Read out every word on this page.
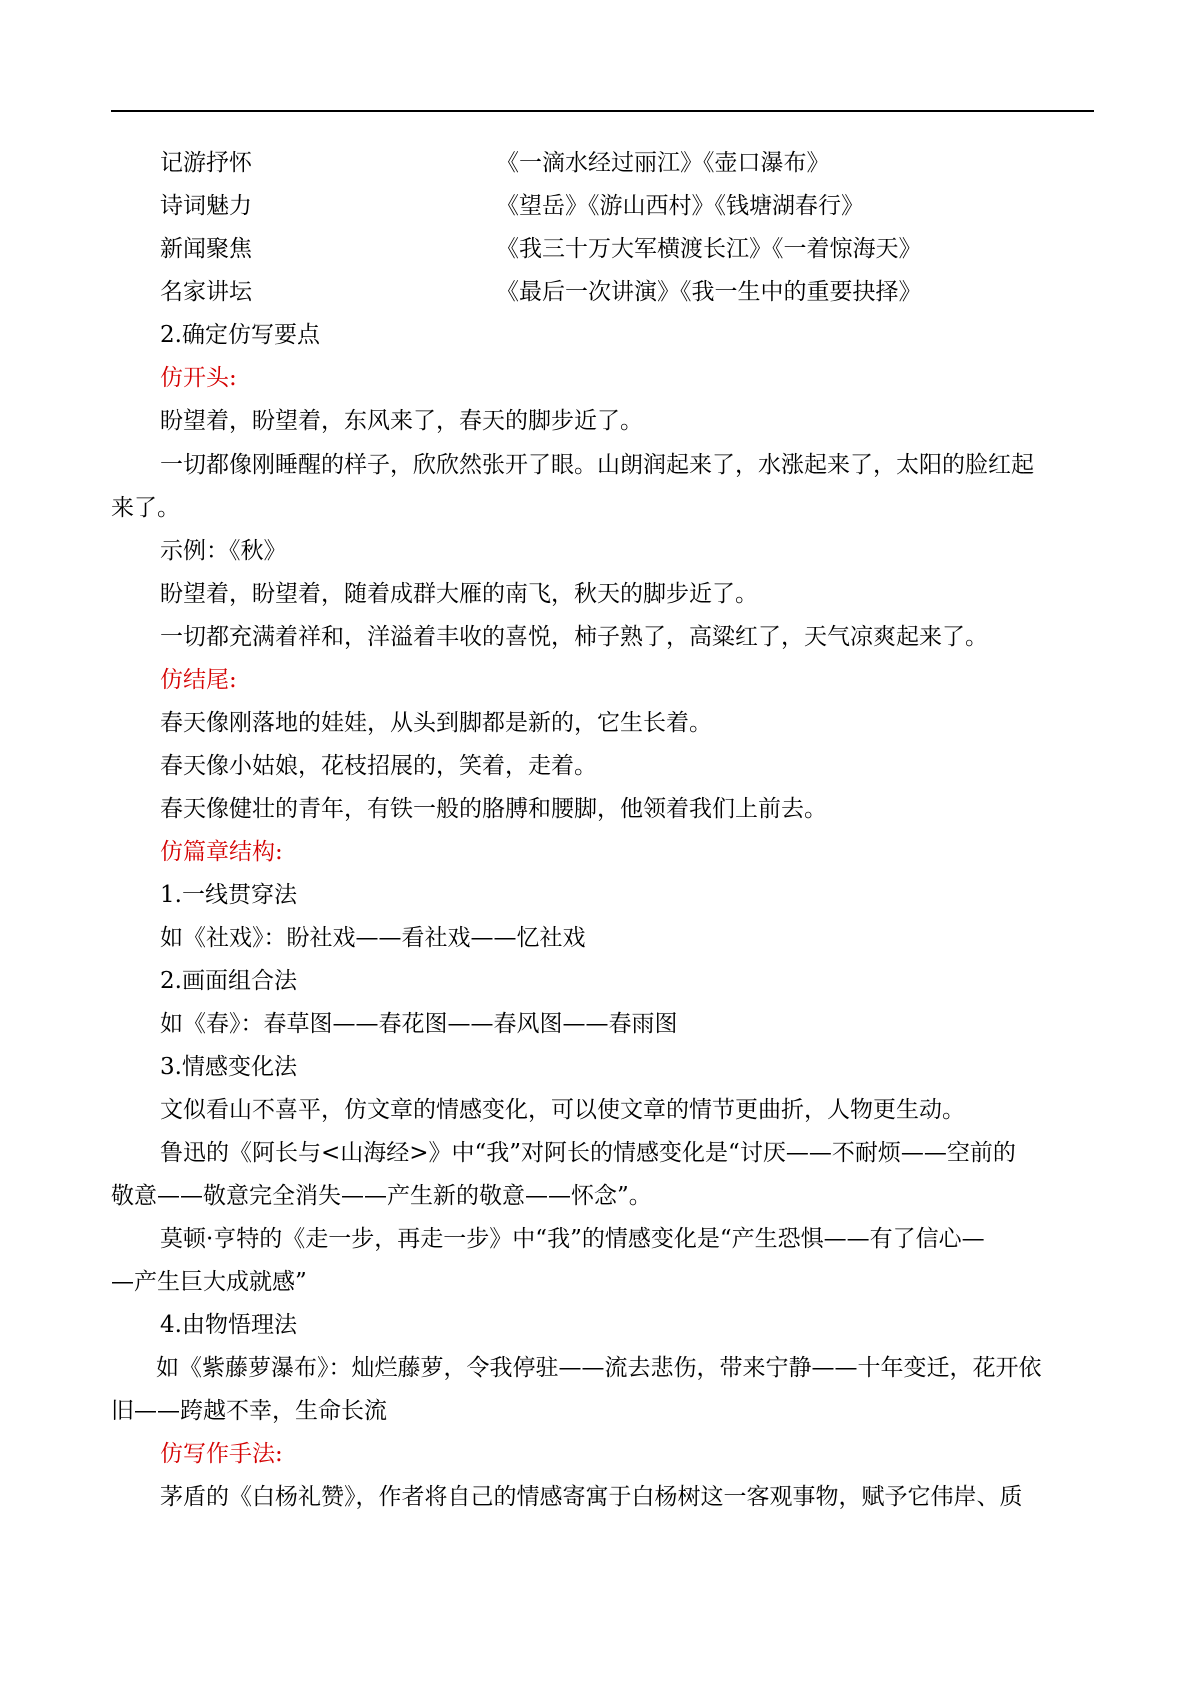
记游抒怀	《一滴水经过丽江》《壶口瀑布》
诗词魅力	《望岳》《游山西村》《钱塘湖春行》
新闻聚焦	《我三十万大军横渡长江》《一着惊海天》
名家讲坛	《最后一次讲演》《我一生中的重要抉择》
2.确定仿写要点
仿开头:
盼望着，盼望着，东风来了，春天的脚步近了。
一切都像刚睡醒的样子，欣欣然张开了眼。山朗润起来了，水涨起来了，太阳的脸红起
来了。
示例：《秋》
盼望着，盼望着，随着成群大雁的南飞，秋天的脚步近了。
一切都充满着祥和，洋溢着丰收的喜悦，柿子熟了，高粱红了，天气凉爽起来了。
仿结尾:
春天像刚落地的娃娃，从头到脚都是新的，它生长着。
春天像小姑娘，花枝招展的，笑着，走着。
春天像健壮的青年，有铁一般的胳膊和腰脚，他领着我们上前去。
仿篇章结构:
1.一线贯穿法
如《社戏》：盼社戏——看社戏——忆社戏
2.画面组合法
如《春》：春草图——春花图——春风图——春雨图
3.情感变化法
文似看山不喜平，仿文章的情感变化，可以使文章的情节更曲折，人物更生动。
鲁迅的《阿长与<山海经>》中“我”对阿长的情感变化是“讨厌——不耐烦——空前的
敬意——敬意完全消失——产生新的敬意——怀念”。
莫顿·亨特的《走一步，再走一步》中“我”的情感变化是“产生恐惧——有了信心—
—产生巨大成就感”
4.由物悟理法
如《紫藤萝瀑布》：灿烂藤萝，令我停驻——流去悲伤，带来宁静——十年变迁，花开依
旧——跨越不幸，生命长流
仿写作手法:
茅盾的《白杨礼赞》，作者将自己的情感寄寓于白杨树这一客观事物，赋予它伟岸、质
